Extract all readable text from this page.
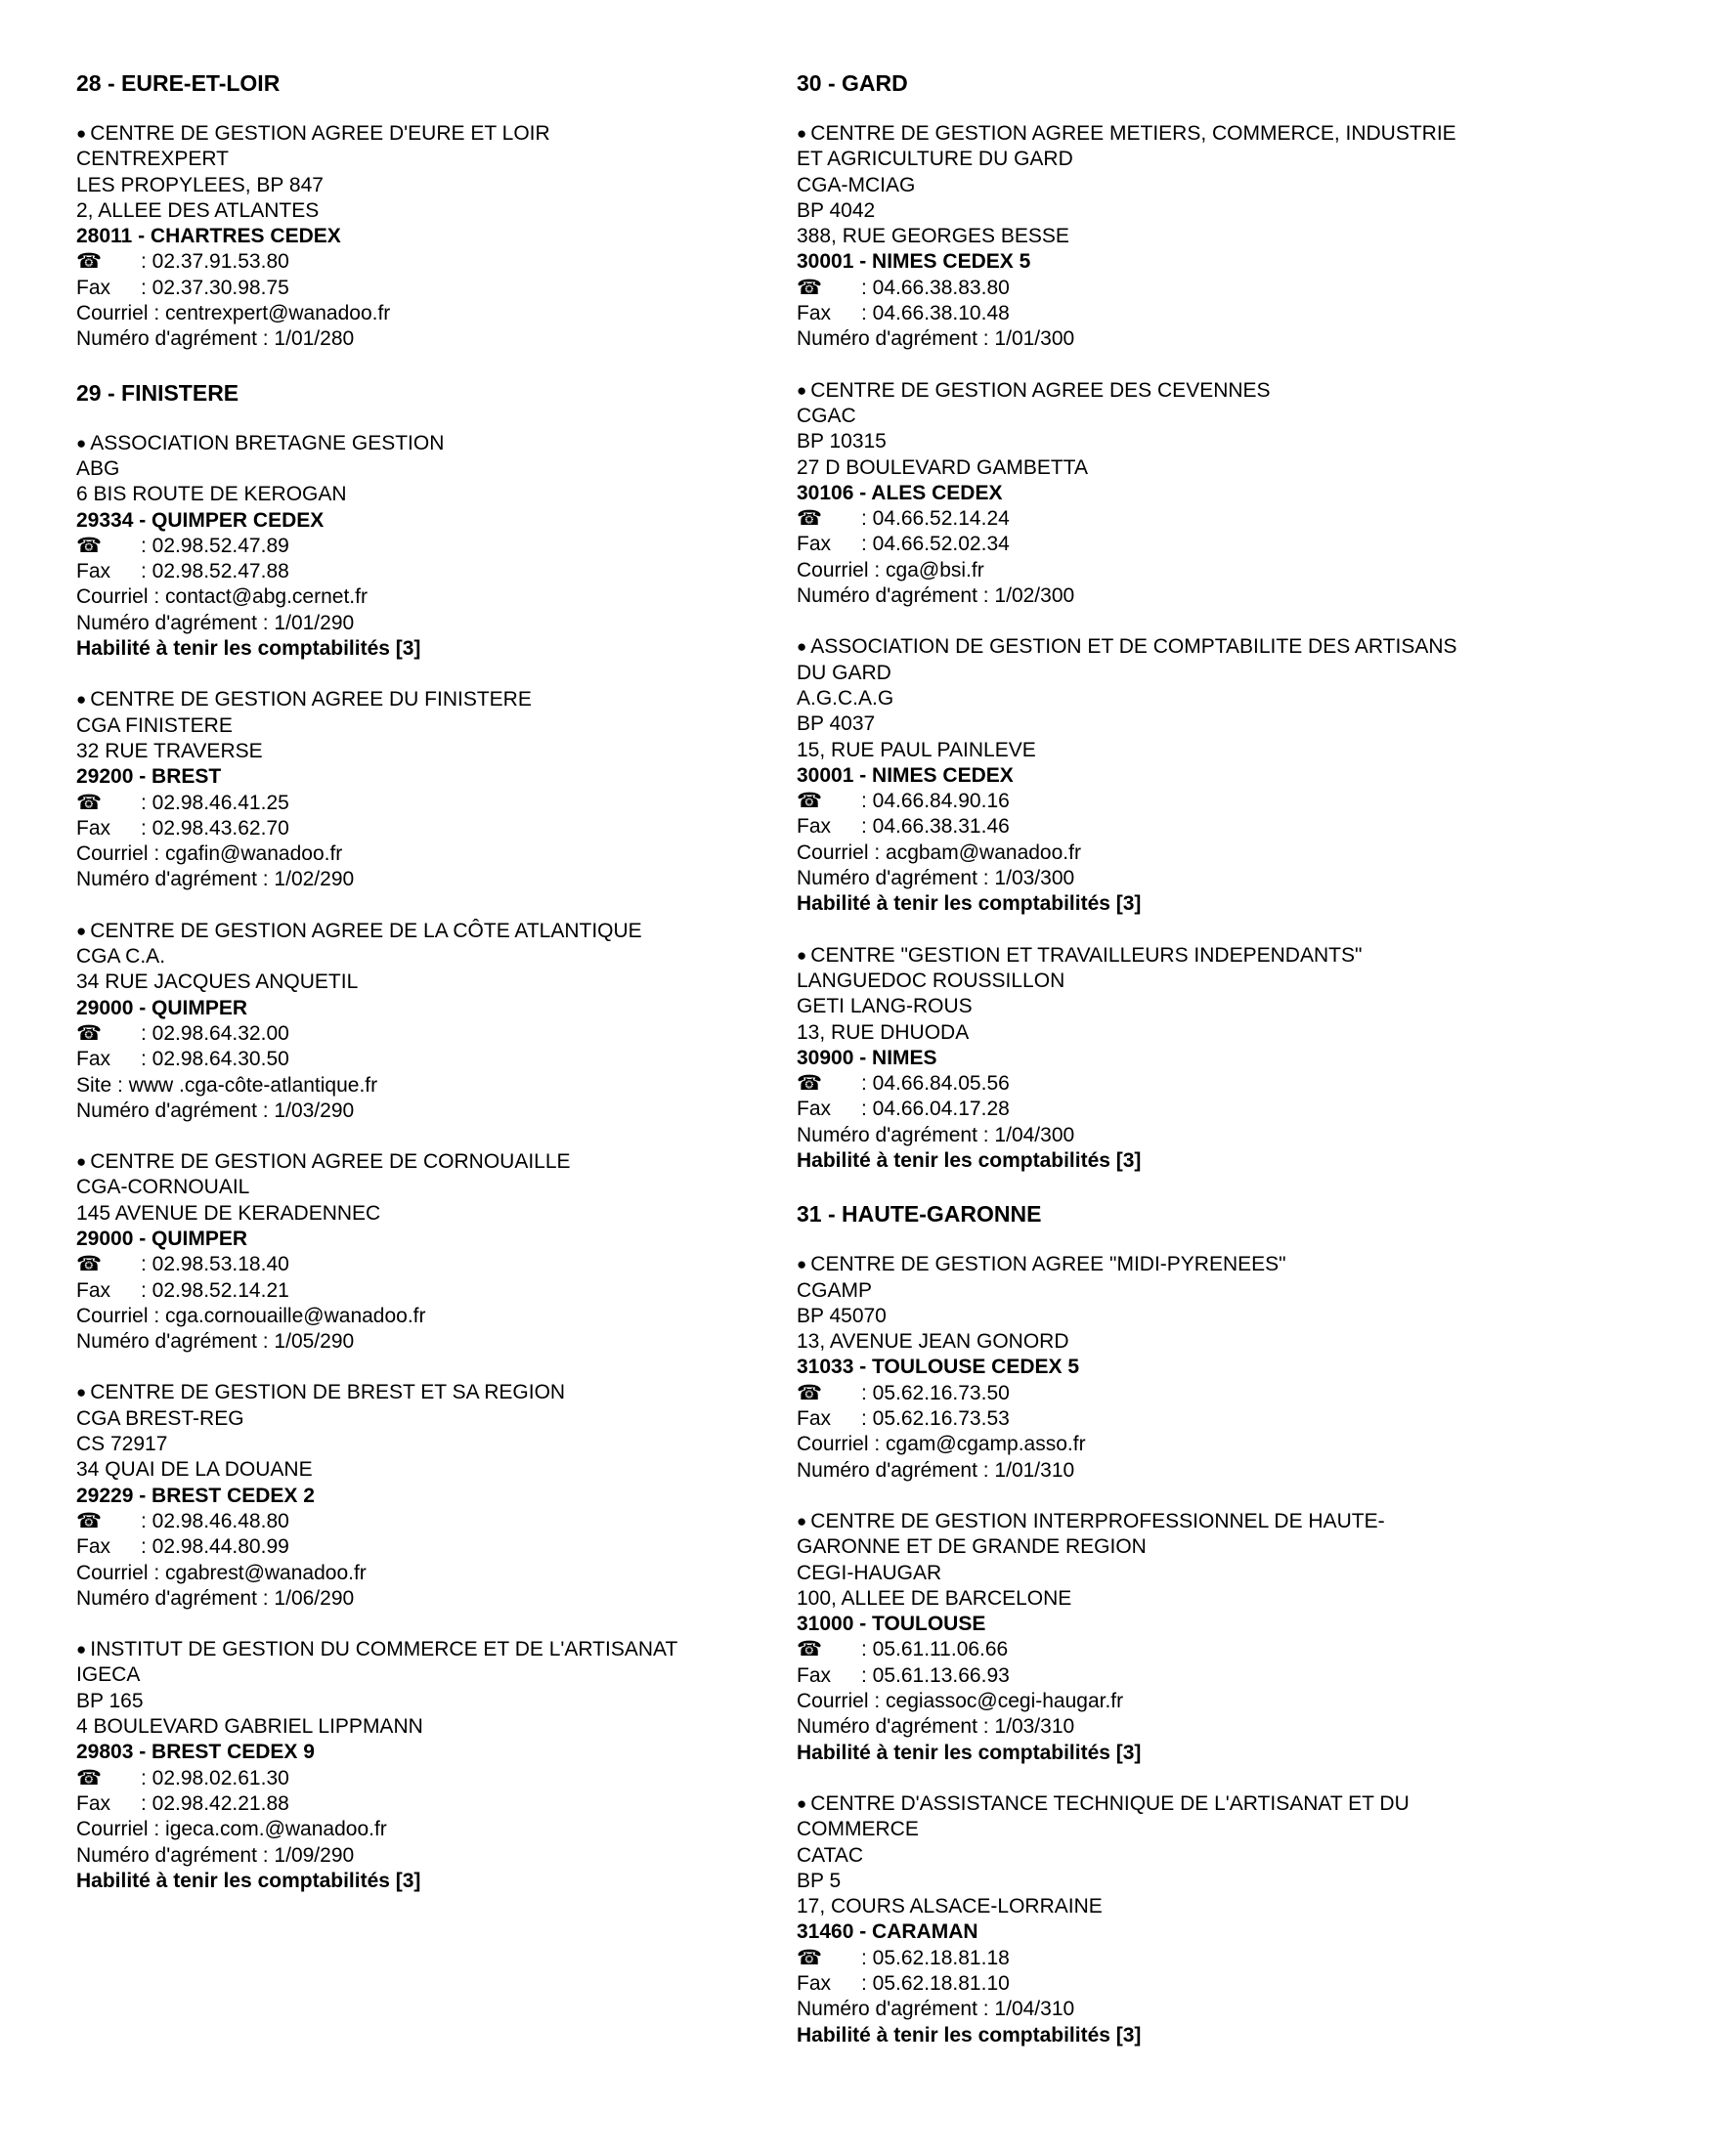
28 - EURE-ET-LOIR
● CENTRE DE GESTION AGREE D'EURE ET LOIR
CENTREXPERT
LES PROPYLEES, BP 847
2, ALLEE DES ATLANTES
28011 - CHARTRES CEDEX
☎ : 02.37.91.53.80
Fax : 02.37.30.98.75
Courriel : centrexpert@wanadoo.fr
Numéro d'agrément : 1/01/280
29 - FINISTERE
● ASSOCIATION BRETAGNE GESTION
ABG
6 BIS ROUTE DE KEROGAN
29334 - QUIMPER CEDEX
☎ : 02.98.52.47.89
Fax : 02.98.52.47.88
Courriel : contact@abg.cernet.fr
Numéro d'agrément : 1/01/290
Habilité à tenir les comptabilités [3]
● CENTRE DE GESTION AGREE DU FINISTERE
CGA FINISTERE
32 RUE TRAVERSE
29200 - BREST
☎ : 02.98.46.41.25
Fax : 02.98.43.62.70
Courriel : cgafin@wanadoo.fr
Numéro d'agrément : 1/02/290
● CENTRE DE GESTION AGREE DE LA CÔTE ATLANTIQUE
CGA C.A.
34 RUE JACQUES ANQUETIL
29000 - QUIMPER
☎ : 02.98.64.32.00
Fax : 02.98.64.30.50
Site : www .cga-côte-atlantique.fr
Numéro d'agrément : 1/03/290
● CENTRE DE GESTION AGREE DE CORNOUAILLE
CGA-CORNOUAIL
145 AVENUE DE KERADENNEC
29000 - QUIMPER
☎ : 02.98.53.18.40
Fax : 02.98.52.14.21
Courriel : cga.cornouaille@wanadoo.fr
Numéro d'agrément : 1/05/290
● CENTRE DE GESTION DE BREST ET SA REGION
CGA BREST-REG
CS 72917
34 QUAI DE LA DOUANE
29229 - BREST CEDEX 2
☎ : 02.98.46.48.80
Fax : 02.98.44.80.99
Courriel : cgabrest@wanadoo.fr
Numéro d'agrément : 1/06/290
● INSTITUT DE GESTION DU COMMERCE ET DE L'ARTISANAT
IGECA
BP 165
4 BOULEVARD GABRIEL LIPPMANN
29803 - BREST CEDEX 9
☎ : 02.98.02.61.30
Fax : 02.98.42.21.88
Courriel : igeca.com.@wanadoo.fr
Numéro d'agrément : 1/09/290
Habilité à tenir les comptabilités [3]
30 - GARD
● CENTRE DE GESTION AGREE METIERS, COMMERCE, INDUSTRIE ET AGRICULTURE DU GARD
CGA-MCIAG
BP 4042
388, RUE GEORGES BESSE
30001 - NIMES CEDEX 5
☎ : 04.66.38.83.80
Fax : 04.66.38.10.48
Numéro d'agrément : 1/01/300
● CENTRE DE GESTION AGREE DES CEVENNES
CGAC
BP 10315
27 D BOULEVARD GAMBETTA
30106 - ALES CEDEX
☎ : 04.66.52.14.24
Fax : 04.66.52.02.34
Courriel : cga@bsi.fr
Numéro d'agrément : 1/02/300
● ASSOCIATION DE GESTION ET DE COMPTABILITE DES ARTISANS DU GARD
A.G.C.A.G
BP 4037
15, RUE PAUL PAINLEVE
30001 - NIMES CEDEX
☎ : 04.66.84.90.16
Fax : 04.66.38.31.46
Courriel : acgbam@wanadoo.fr
Numéro d'agrément : 1/03/300
Habilité à tenir les comptabilités [3]
● CENTRE "GESTION ET TRAVAILLEURS INDEPENDANTS" LANGUEDOC ROUSSILLON
GETI LANG-ROUS
13, RUE DHUODA
30900 - NIMES
☎ : 04.66.84.05.56
Fax : 04.66.04.17.28
Numéro d'agrément : 1/04/300
Habilité à tenir les comptabilités [3]
31 - HAUTE-GARONNE
● CENTRE DE GESTION AGREE "MIDI-PYRENEES"
CGAMP
BP 45070
13, AVENUE JEAN GONORD
31033 - TOULOUSE CEDEX 5
☎ : 05.62.16.73.50
Fax : 05.62.16.73.53
Courriel : cgam@cgamp.asso.fr
Numéro d'agrément : 1/01/310
● CENTRE DE GESTION INTERPROFESSIONNEL DE HAUTE-GARONNE ET DE GRANDE REGION
CEGI-HAUGAR
100, ALLEE DE BARCELONE
31000 - TOULOUSE
☎ : 05.61.11.06.66
Fax : 05.61.13.66.93
Courriel : cegiassoc@cegi-haugar.fr
Numéro d'agrément : 1/03/310
Habilité à tenir les comptabilités [3]
● CENTRE D'ASSISTANCE TECHNIQUE DE L'ARTISANAT ET DU COMMERCE
CATAC
BP 5
17, COURS ALSACE-LORRAINE
31460 - CARAMAN
☎ : 05.62.18.81.18
Fax : 05.62.18.81.10
Numéro d'agrément : 1/04/310
Habilité à tenir les comptabilités [3]
